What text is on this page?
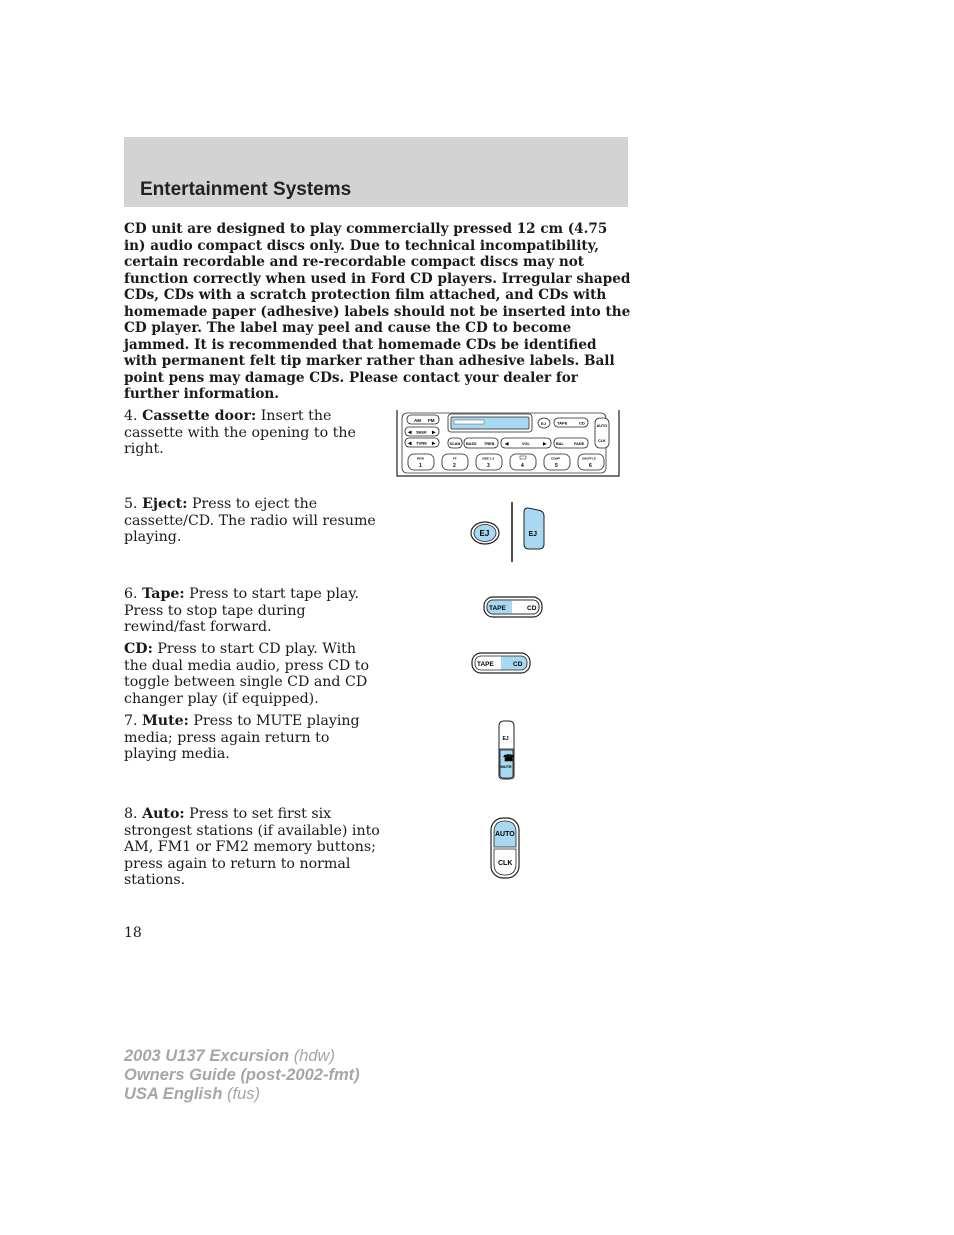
Entertainment Systems

CD unit are designed to play commercially pressed 12 cm (4.75 in) audio compact discs only. Due to technical incompatibility, certain recordable and re-recordable compact discs may not function correctly when used in Ford CD players. Irregular shaped CDs, CDs with a scratch protection film attached, and CDs with homemade paper (adhesive) labels should not be inserted into the CD player. The label may peel and cause the CD to become jammed. It is recommended that homemade CDs be identified with permanent felt tip marker rather than adhesive labels. Ball point pens may damage CDs. Please contact your dealer for further information.

4. Cassette door: Insert the cassette with the opening to the right.

5. Eject: Press to eject the cassette/CD. The radio will resume playing.

6. Tape: Press to start tape play. Press to stop tape during rewind/fast forward.

CD: Press to start CD play. With the dual media audio, press CD to toggle between single CD and CD changer play (if equipped).

7. Mute: Press to MUTE playing media; press again return to playing media.

8. Auto: Press to set first six strongest stations (if available) into AM, FM1 or FM2 memory buttons; press again to return to normal stations.

AM FM
◀ SEEK ▶
◀ TUNE ▶
EJ	TAPE	CD
AUTO
CLK
SCAN BASS TREB ◀	VOL	▶	BAL	FADE
REW
1
FF
2
SIDE 1-2
3	4
COMP
5
SHUFFLE
6
EJ	EJ
TAPE	CD
TAPE	CD
EJ
☎
MUTE
AUTO
CLK

18

2003 U137 Excursion (hdw)
Owners Guide (post-2002-fmt)
USA English (fus)
